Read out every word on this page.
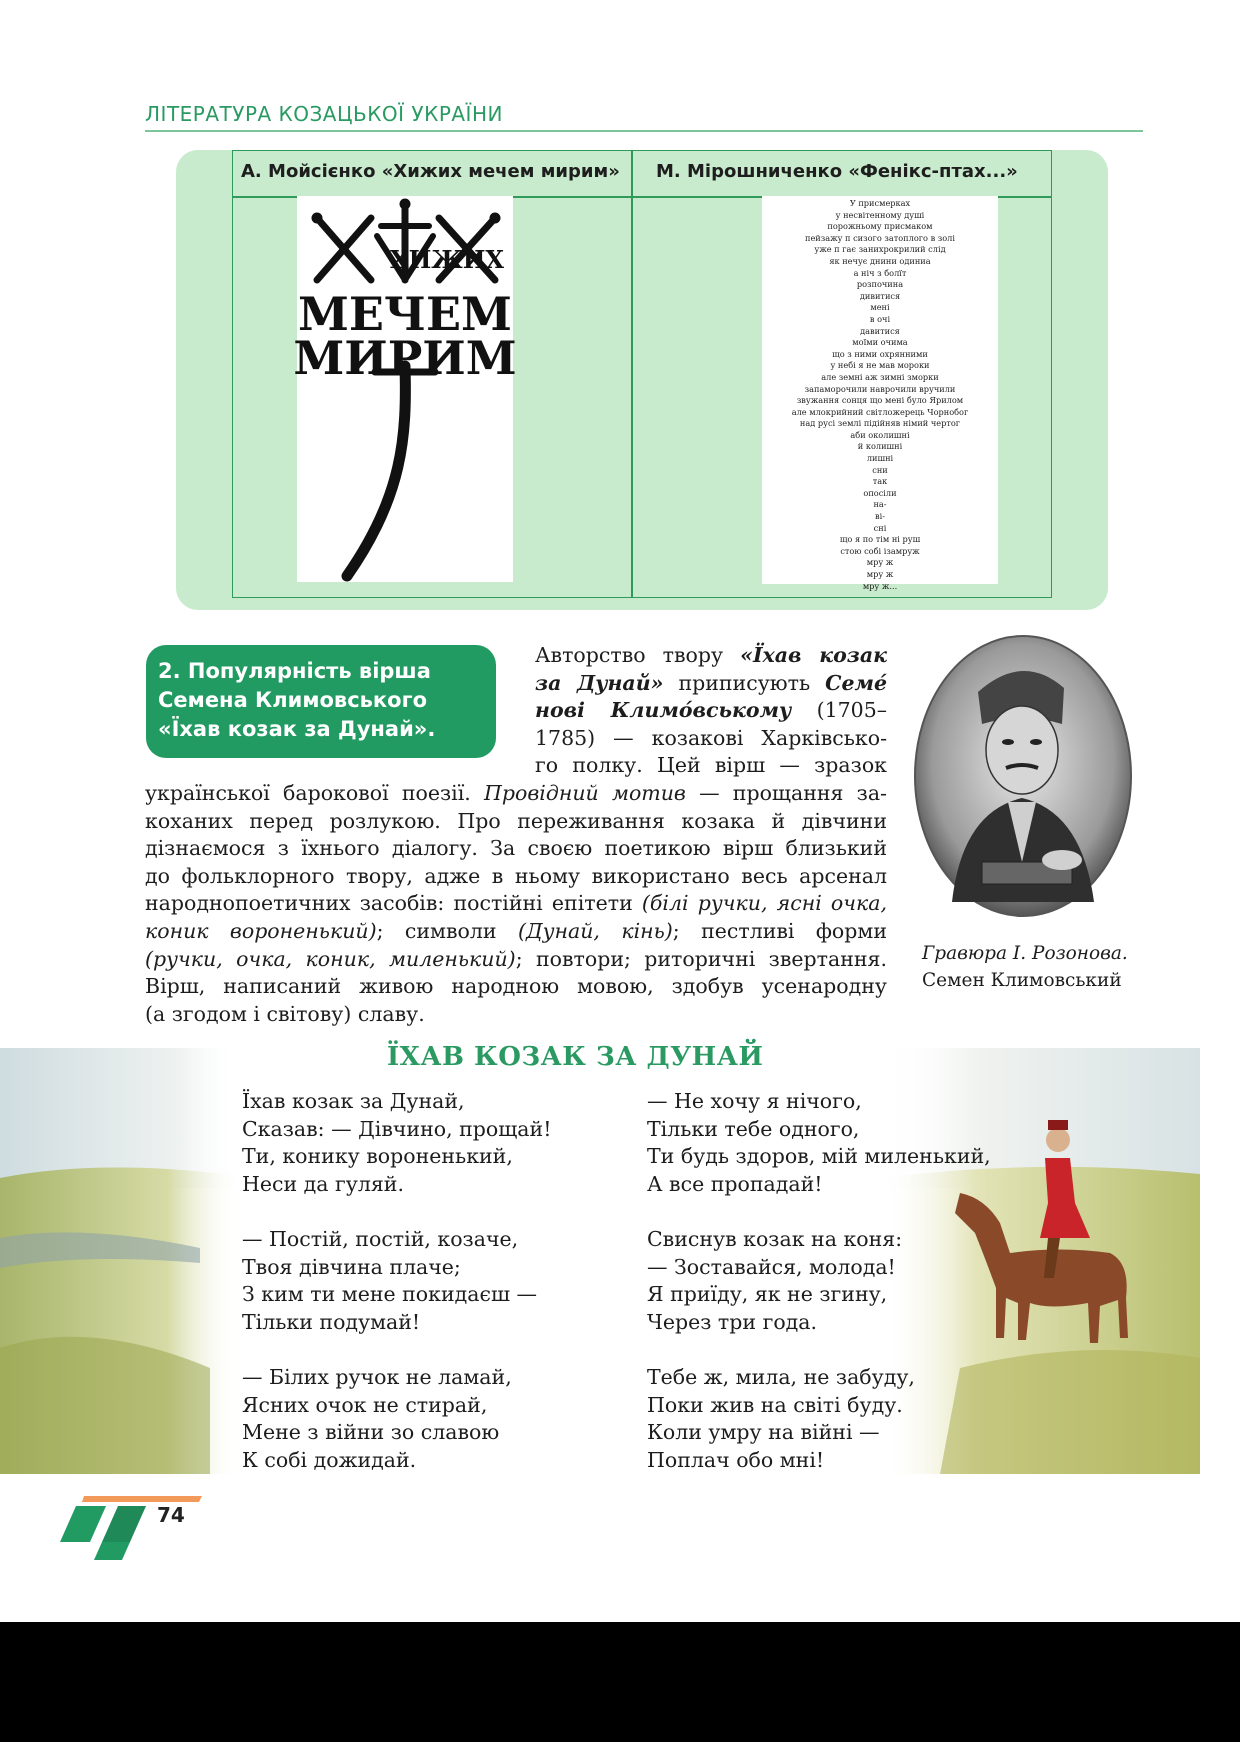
ЛІТЕРАТУРА КОЗАЦЬКОЇ УКРАЇНИ
А. Мойсієнко «Хижих мечем мирим» М. Мірошниченко «Фенікс-птах...»
МЕЧЕМ
МИРИМ
ХИЖИХ
У присмерках
у несвітенному душі
порожньому присмаком
пейзажу п сизого затоплого в золі
уже п гає занихрокрилий слід
як нечує днини одиниа
а ніч з болїт
розпочина
дивитися
мені
в очі
давитися
моїми очима
що з ними охрянними
у небі я не мав мороки
але земні аж зимні зморки
запаморочили наврочили вручили
звужання сонця що мені було Ярилом
але млокрийний світложерець Чорнобог
над русі землі підійняв німий чертог
аби околишні
й колишні
лишні
сни
так
опосіли
на-
ві-
сні
що я по тім ні руш
стою собі ізамруж
мру ж
мру ж
мру ж...
2. Популярність вірша
Семена Климовського
«Їхав козак за Дунай».
Авторство твору «Їхав козак
за Дунай» приписують Семе́
нові Климо́вському (1705–
1785) — козакові Харківсько-
го полку. Цей вірш — зразок
української барокової поезії. Провідний мотив — прощання за-
коханих перед розлукою. Про переживання козака й дівчини
дізнаємося з їхнього діалогу. За своєю поетикою вірш близький
до фольклорного твору, адже в ньому використано весь арсенал
народнопоетичних засобів: постійні епітети (білі ручки, ясні очка,
коник вороненький); символи (Дунай, кінь); пестливі форми
(ручки, очка, коник, миленький); повтори; риторичні звертання.
Вірш, написаний живою народною мовою, здобув усенародну
(а згодом і світову) славу.
Гравюра І. Розонова.
Семен Климовський
ЇХАВ КОЗАК ЗА ДУНАЙ
Їхав козак за Дунай,
Сказав: — Дівчино, прощай!
Ти, конику вороненький,
Неси да гуляй.
— Постій, постій, козаче,
Твоя дівчина плаче;
З ким ти мене покидаєш —
Тільки подумай!
— Білих ручок не ламай,
Ясних очок не стирай,
Мене з війни зо славою
К собі дожидай.
— Не хочу я нічого,
Тільки тебе одного,
Ти будь здоров, мій миленький,
А все пропадай!
Свиснув козак на коня:
— Зоставайся, молода!
Я приїду, як не згину,
Через три года.
Тебе ж, мила, не забуду,
Поки жив на світі буду.
Коли умру на війні —
Поплач обо мні!
74
